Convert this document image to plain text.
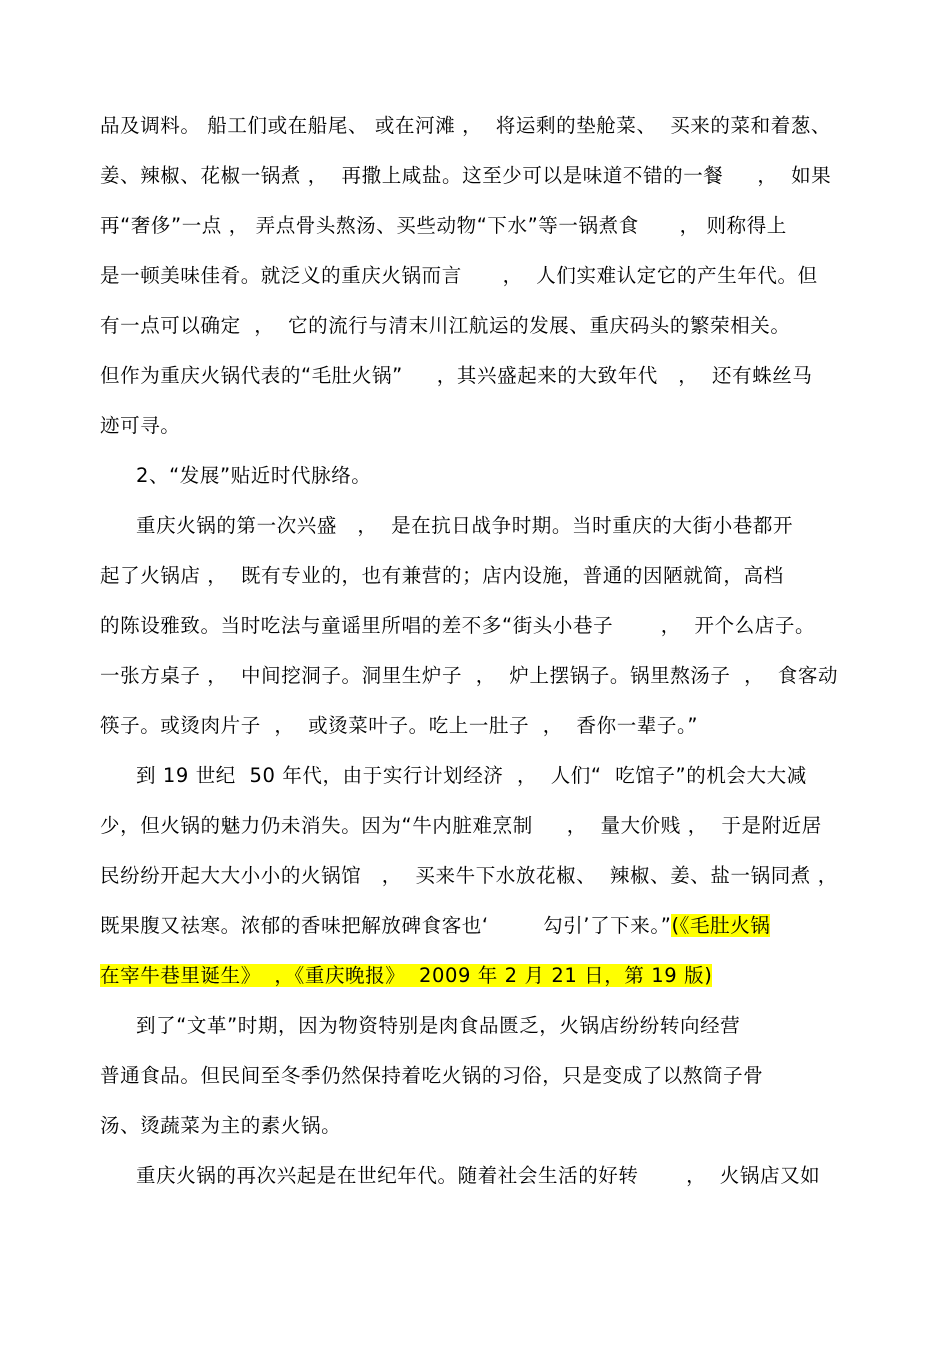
品及调料。 船工们或在船尾、 或在河滩 ，  将运剩的垫舱菜、  买来的菜和着葱、
姜、辣椒、花椒一锅煮 ，  再撒上咸盐。这至少可以是味道不错的一餐     ，  如果
再“奢侈”一点 ， 弄点骨头熬汤、买些动物“下水”等一锅煮食      ， 则称得上
是一顿美味佳肴。就泛义的重庆火锅而言      ，  人们实难认定它的产生年代。但
有一点可以确定  ，  它的流行与清末川江航运的发展、重庆码头的繁荣相关。
但作为重庆火锅代表的“毛肚火锅”     ，其兴盛起来的大致年代   ，  还有蛛丝马
迹可寻。
2、“发展”贴近时代脉络。
重庆火锅的第一次兴盛   ，  是在抗日战争时期。当时重庆的大街小巷都开
起了火锅店 ，  既有专业的，也有兼营的；店内设施，普通的因陋就简，高档
的陈设雅致。当时吃法与童谣里所唱的差不多“街头小巷子       ，  开个么店子。
一张方桌子 ，  中间挖洞子。洞里生炉子  ，  炉上摆锅子。锅里熬汤子  ，  食客动
筷子。或烫肉片子  ，  或烫菜叶子。吃上一肚子  ，  香你一辈子。”
到 19 世纪  50 年代，由于实行计划经济  ，  人们“  吃馆子”的机会大大减
少，但火锅的魅力仍未消失。因为“牛内脏难烹制     ，  量大价贱 ，  于是附近居
民纷纷开起大大小小的火锅馆   ，  买来牛下水放花椒、  辣椒、姜、盐一锅同煮 ，
既果腹又祛寒。浓郁的香味把解放碑食客也‘        勾引’了下来。”(《毛肚火锅
在宰牛巷里诞生》  ，《重庆晚报》  2009 年 2 月 21 日，第 19 版)
到了“文革”时期，因为物资特别是肉食品匮乏，火锅店纷纷转向经营
普通食品。但民间至冬季仍然保持着吃火锅的习俗，只是变成了以熬筒子骨
汤、烫蔬菜为主的素火锅。
重庆火锅的再次兴起是在世纪年代。随着社会生活的好转       ，  火锅店又如
